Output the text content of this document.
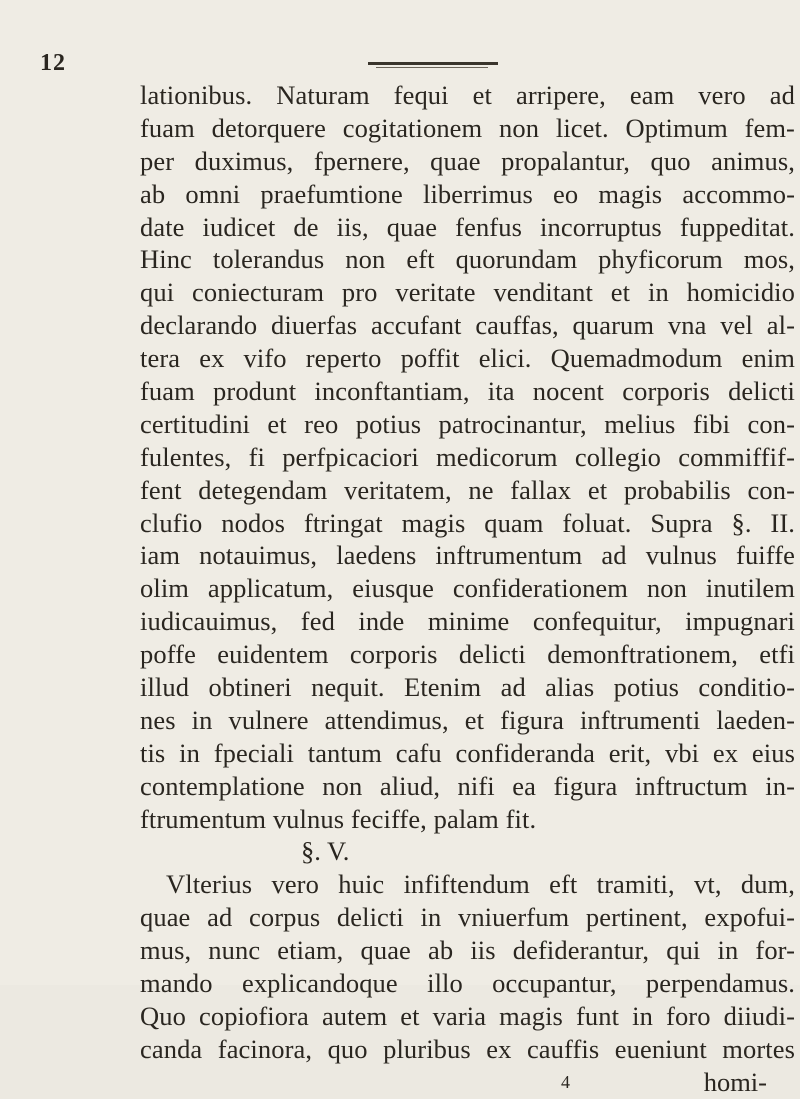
12
lationibus. Naturam fequi et arripere, eam vero ad
fuam detorquere cogitationem non licet. Optimum fem-
per duximus, fpernere, quae propalantur, quo animus,
ab omni praefumtione liberrimus eo magis accommo-
date iudicet de iis, quae fenfus incorruptus fuppeditat.
Hinc tolerandus non eft quorundam phyficorum mos,
qui coniecturam pro veritate venditant et in homicidio
declarando diuerfas accufant cauffas, quarum vna vel al-
tera ex vifo reperto poffit elici. Quemadmodum enim
fuam produnt inconftantiam, ita nocent corporis delicti
certitudini et reo potius patrocinantur, melius fibi con-
fulentes, fi perfpicaciori medicorum collegio commiffif-
fent detegendam veritatem, ne fallax et probabilis con-
clufio nodos ftringat magis quam foluat. Supra §. II.
iam notauimus, laedens inftrumentum ad vulnus fuiffe
olim applicatum, eiusque confiderationem non inutilem
iudicauimus, fed inde minime confequitur, impugnari
poffe euidentem corporis delicti demonftrationem, etfi
illud obtineri nequit. Etenim ad alias potius conditio-
nes in vulnere attendimus, et figura inftrumenti laeden-
tis in fpeciali tantum cafu confideranda erit, vbi ex eius
contemplatione non aliud, nifi ea figura inftructum in-
ftrumentum vulnus feciffe, palam fit.
§. V.
Vlterius vero huic infiftendum eft tramiti, vt, dum,
quae ad corpus delicti in vniuerfum pertinent, expofui-
mus, nunc etiam, quae ab iis defiderantur, qui in for-
mando explicandoque illo occupantur, perpendamus.
Quo copiofiora autem et varia magis funt in foro diiudi-
canda facinora, quo pluribus ex cauffis eueniunt mortes
4	homi-
